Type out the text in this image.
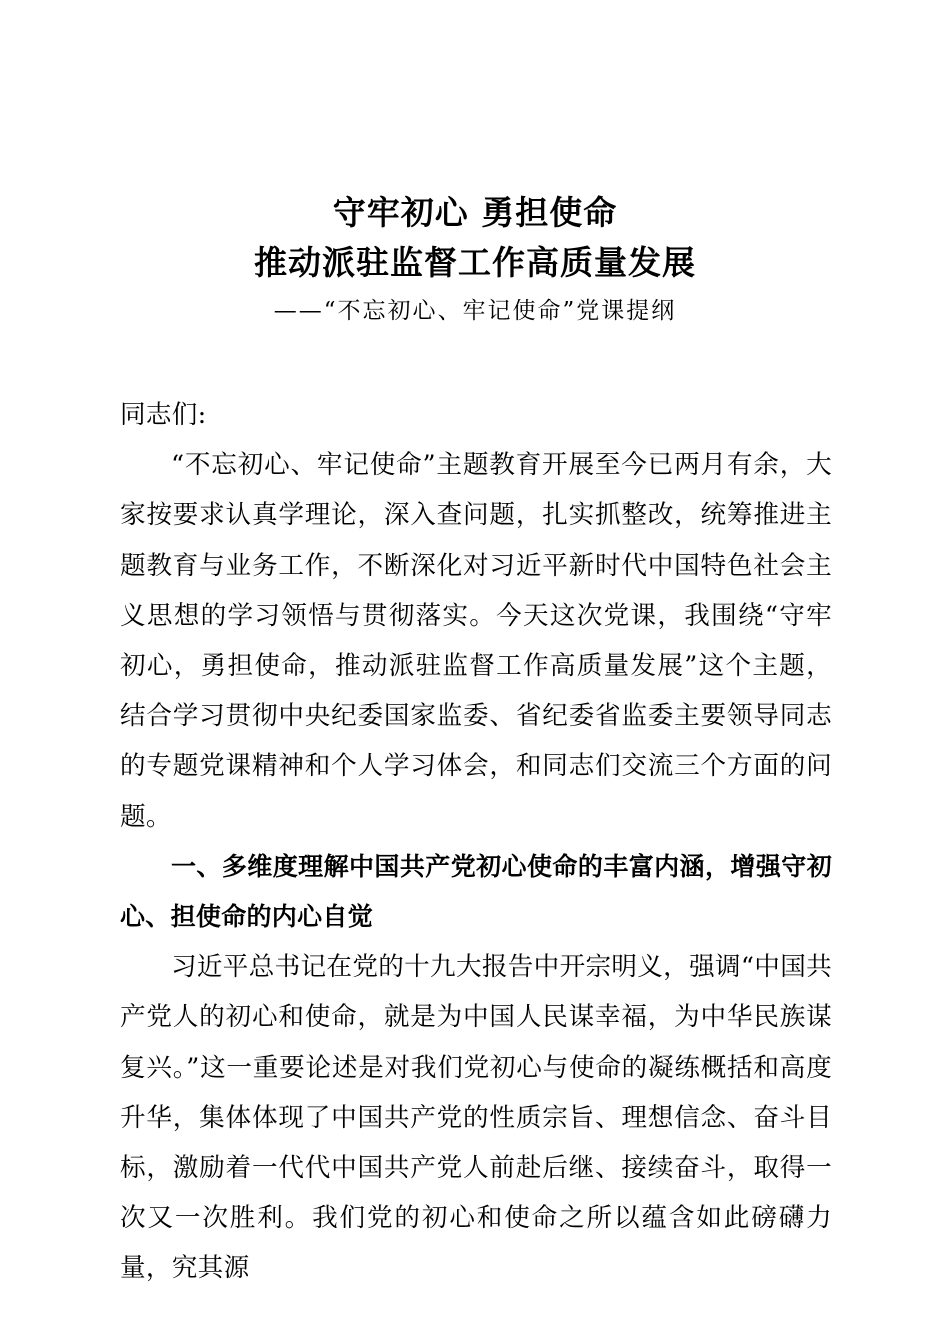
守牢初心 勇担使命
推动派驻监督工作高质量发展
——“不忘初心、牢记使命”党课提纲

同志们:

“不忘初心、牢记使命”主题教育开展至今已两月有余，大家按要求认真学理论，深入查问题，扎实抓整改，统筹推进主题教育与业务工作，不断深化对习近平新时代中国特色社会主义思想的学习领悟与贯彻落实。今天这次党课，我围绕“守牢初心，勇担使命，推动派驻监督工作高质量发展”这个主题，结合学习贯彻中央纪委国家监委、省纪委省监委主要领导同志的专题党课精神和个人学习体会，和同志们交流三个方面的问题。

一、多维度理解中国共产党初心使命的丰富内涵，增强守初心、担使命的内心自觉

习近平总书记在党的十九大报告中开宗明义，强调“中国共产党人的初心和使命，就是为中国人民谋幸福，为中华民族谋复兴。”这一重要论述是对我们党初心与使命的凝练概括和高度升华，集体体现了中国共产党的性质宗旨、理想信念、奋斗目标，激励着一代代中国共产党人前赴后继、接续奋斗，取得一次又一次胜利。我们党的初心和使命之所以蕴含如此磅礴力量，究其源
